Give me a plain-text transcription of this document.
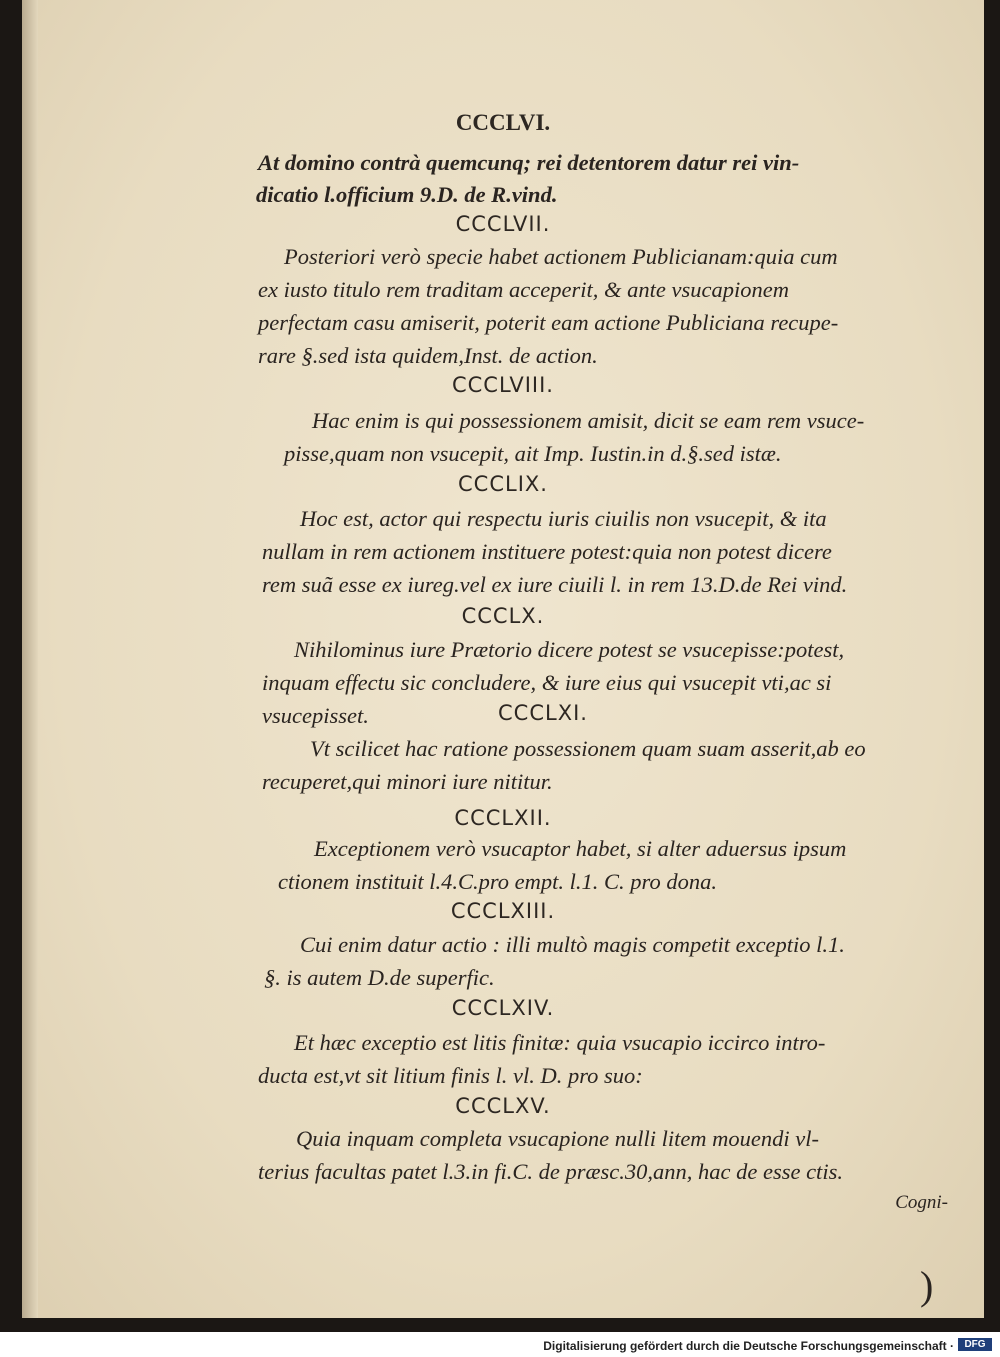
CCCLVI.
At domino contrà quemcunq; rei detentorem datur rei vin-
dicatio l.officium 9.D. de R.vind.
CCCLVII.
Posteriori verò specie habet actionem Publicianam:quia cum
ex iusto titulo rem traditam acceperit, & ante vsucapionem
perfectam casu amiserit, poterit eam actione Publiciana recupe-
rare §.sed ista quidem,Inst. de action.
CCCLVIII.
Hac enim is qui possessionem amisit, dicit se eam rem vsuce-
pisse,quam non vsucepit, ait Imp. Iustin.in d.§.sed istæ.
CCCLIX.
Hoc est, actor qui respectu iuris ciuilis non vsucepit, & ita
nullam in rem actionem instituere potest:quia non potest dicere
rem suã esse ex iureg.vel ex iure ciuili l. in rem 13.D.de Rei vind.
CCCLX.
Nihilominus iure Prætorio dicere potest se vsucepisse:potest,
inquam effectu sic concludere, & iure eius qui vsucepit vti,ac si
vsucepisset.	CCCLXI.
Vt scilicet hac ratione possessionem quam suam asserit,ab eo
recuperet,qui minori iure nititur.
CCCLXII.
Exceptionem verò vsucaptor habet, si alter aduersus ipsum
ctionem instituit l.4.C.pro empt. l.1. C. pro dona.
CCCLXIII.
Cui enim datur actio : illi multò magis competit exceptio l.1.
§. is autem D.de superfic.
CCCLXIV.
Et hæc exceptio est litis finitæ: quia vsucapio iccirco intro-
ducta est,vt sit litium finis l. vl. D. pro suo:
CCCLXV.
Quia inquam completa vsucapione nulli litem mouendi vl-
terius facultas patet l.3.in fi.C. de præsc.30,ann, hac de esse ctis.
Cogni-
)
Digitalisierung gefördert durch die Deutsche Forschungsgemeinschaft ·	DFG
